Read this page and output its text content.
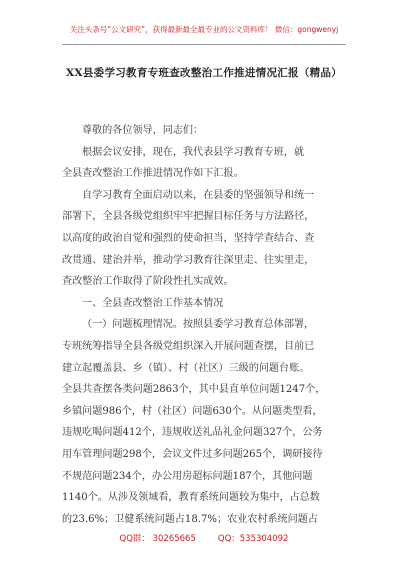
关注头条号“公文研究”，获得最新最全最专业的公文资料库！ 微信：gongwenyj
XX县委学习教育专班查改整治工作推进情况汇报（精品）
尊敬的各位领导，同志们：
根据会议安排，现在，我代表县学习教育专班，就
全县查改整治工作推进情况作如下汇报。
自学习教育全面启动以来，在县委的坚强领导和统一
部署下，全县各级党组织牢牢把握目标任务与方法路径，
以高度的政治自觉和强烈的使命担当，坚持学查结合、查
改贯通、建治并举，推动学习教育往深里走、往实里走，
查改整治工作取得了阶段性扎实成效。
一、全县查改整治工作基本情况
（一）问题梳理情况。按照县委学习教育总体部署，
专班统筹指导全县各级党组织深入开展问题查摆，目前已
建立起覆盖县、乡（镇）、村（社区）三级的问题台账。
全县共查摆各类问题2863个，其中县直单位问题1247个，
乡镇问题986个，村（社区）问题630个。从问题类型看，
违规吃喝问题412个，违规收送礼品礼金问题327个，公务
用车管理问题298个，会议文件过多问题265个，调研接待
不规范问题234个，办公用房超标问题187个，其他问题
1140个。从涉及领域看，教育系统问题较为集中，占总数
的23.6%；卫健系统问题占18.7%；农业农村系统问题占
QQ群： 30265665	QQ：535304092
